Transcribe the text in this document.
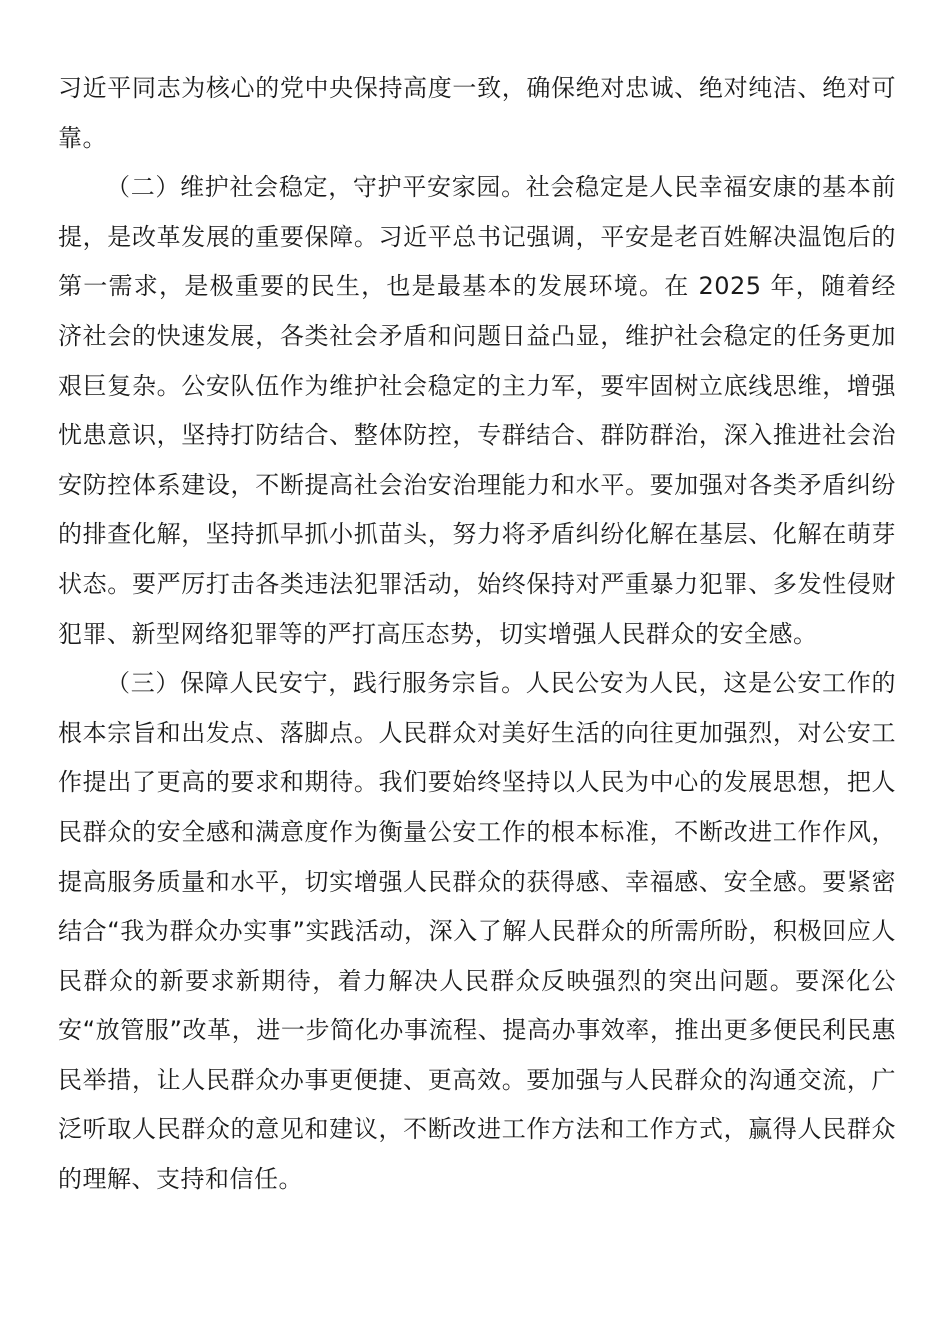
习近平同志为核心的党中央保持高度一致，确保绝对忠诚、绝对纯洁、绝对可靠。

（二）维护社会稳定，守护平安家园。社会稳定是人民幸福安康的基本前提，是改革发展的重要保障。习近平总书记强调，平安是老百姓解决温饱后的第一需求，是极重要的民生，也是最基本的发展环境。在 2025 年，随着经济社会的快速发展，各类社会矛盾和问题日益凸显，维护社会稳定的任务更加艰巨复杂。公安队伍作为维护社会稳定的主力军，要牢固树立底线思维，增强忧患意识，坚持打防结合、整体防控，专群结合、群防群治，深入推进社会治安防控体系建设，不断提高社会治安治理能力和水平。要加强对各类矛盾纠纷的排查化解，坚持抓早抓小抓苗头，努力将矛盾纠纷化解在基层、化解在萌芽状态。要严厉打击各类违法犯罪活动，始终保持对严重暴力犯罪、多发性侵财犯罪、新型网络犯罪等的严打高压态势，切实增强人民群众的安全感。

（三）保障人民安宁，践行服务宗旨。人民公安为人民，这是公安工作的根本宗旨和出发点、落脚点。人民群众对美好生活的向往更加强烈，对公安工作提出了更高的要求和期待。我们要始终坚持以人民为中心的发展思想，把人民群众的安全感和满意度作为衡量公安工作的根本标准，不断改进工作作风，提高服务质量和水平，切实增强人民群众的获得感、幸福感、安全感。要紧密结合“我为群众办实事”实践活动，深入了解人民群众的所需所盼，积极回应人民群众的新要求新期待，着力解决人民群众反映强烈的突出问题。要深化公安“放管服”改革，进一步简化办事流程、提高办事效率，推出更多便民利民惠民举措，让人民群众办事更便捷、更高效。要加强与人民群众的沟通交流，广泛听取人民群众的意见和建议，不断改进工作方法和工作方式，赢得人民群众的理解、支持和信任。
